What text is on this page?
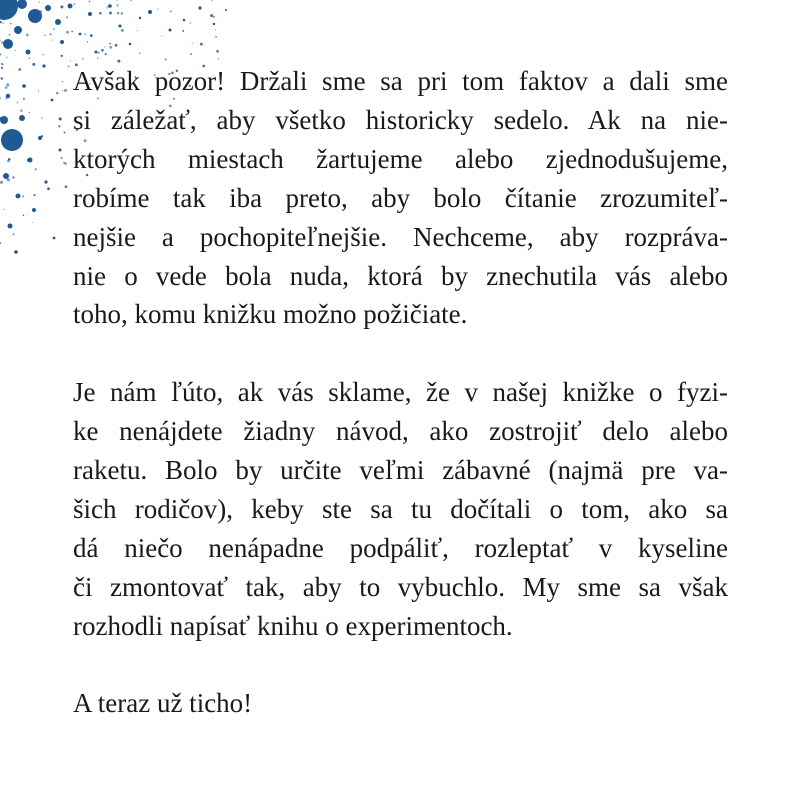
Avšak pozor! Držali sme sa pri tom faktov a dali sme
si záležať, aby všetko historicky sedelo. Ak na nie-
ktorých miestach žartujeme alebo zjednodušujeme,
robíme tak iba preto, aby bolo čítanie zrozumiteľ-
nejšie a pochopiteľnejšie. Nechceme, aby rozpráva-
nie o vede bola nuda, ktorá by znechutila vás alebo
toho, komu knižku možno požičiate.

Je nám ľúto, ak vás sklame, že v našej knižke o fyzi-
ke nenájdete žiadny návod, ako zostrojiť delo alebo
raketu. Bolo by určite veľmi zábavné (najmä pre va-
šich rodičov), keby ste sa tu dočítali o tom, ako sa
dá niečo nenápadne podpáliť, rozleptať v kyseline
či zmontovať tak, aby to vybuchlo. My sme sa však
rozhodli napísať knihu o experimentoch.

A teraz už ticho!
